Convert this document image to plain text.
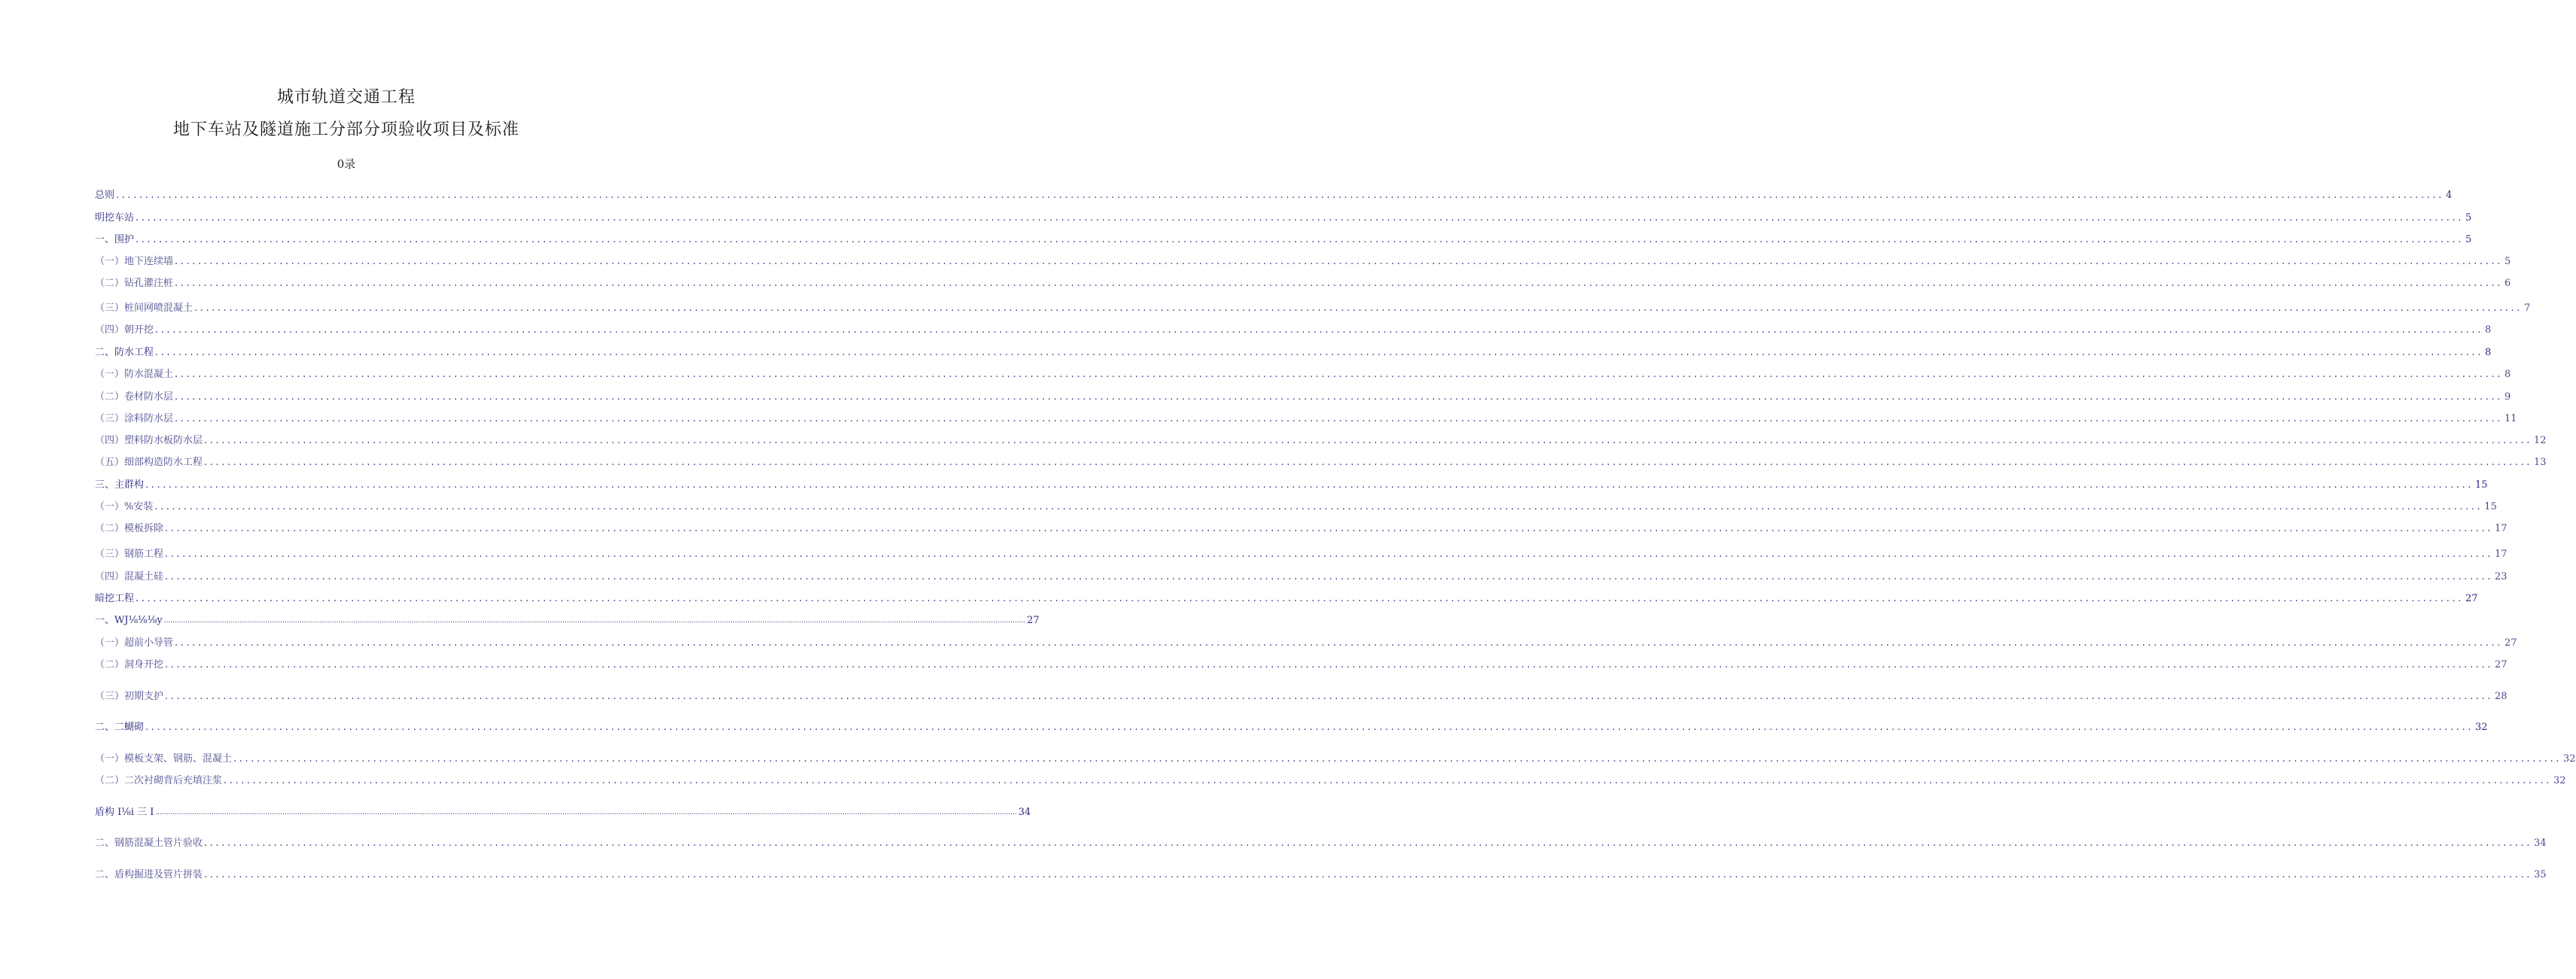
城市轨道交通工程
地下车站及隧道施工分部分项验收项目及标准
0录
总则 ................................................................................................................................................................................................................................................................................................................................................................................................................ 4
明挖车站 ................................................................................................................................................................................................................................................................................................................................................................................................................ 5
一、围护 ................................................................................................................................................................................................................................................................................................................................................................................................................ 5
（一）地下连续墙 ................................................................................................................................................................................................................................................................................................................................................................................................................ 5
（二）钻孔灌注桩 ................................................................................................................................................................................................................................................................................................................................................................................................................ 6
（三）桩间网喷混凝土 ................................................................................................................................................................................................................................................................................................................................................................................................................ 7
（四）朝开挖 ................................................................................................................................................................................................................................................................................................................................................................................................................ 8
二、防水工程 ................................................................................................................................................................................................................................................................................................................................................................................................................ 8
（一）防水混凝土 ................................................................................................................................................................................................................................................................................................................................................................................................................ 8
（二）卷材防水层 ................................................................................................................................................................................................................................................................................................................................................................................................................ 9
（三）涂料防水层 ................................................................................................................................................................................................................................................................................................................................................................................................................ 11
（四）塑料防水板防水层 ................................................................................................................................................................................................................................................................................................................................................................................................................ 12
（五）细部构造防水工程 ................................................................................................................................................................................................................................................................................................................................................................................................................ 13
三、主群构 ................................................................................................................................................................................................................................................................................................................................................................................................................ 15
（一）%安装 ................................................................................................................................................................................................................................................................................................................................................................................................................ 15
（二）模板拆除 ................................................................................................................................................................................................................................................................................................................................................................................................................ 17
（三）钢筋工程 ................................................................................................................................................................................................................................................................................................................................................................................................................ 17
（四）混凝土硅 ................................................................................................................................................................................................................................................................................................................................................................................................................ 23
暗挖工程 ................................................................................................................................................................................................................................................................................................................................................................................................................ 27
一、WJ⅛⅛⅛y ................................................................................................................................................................................................................................................................................................................................................................................................................ 27
（一）超前小导管 ................................................................................................................................................................................................................................................................................................................................................................................................................ 27
（二）洞身开挖 ................................................................................................................................................................................................................................................................................................................................................................................................................ 27
（三）初期支护 ................................................................................................................................................................................................................................................................................................................................................................................................................ 28
二、二蝴砌 ................................................................................................................................................................................................................................................................................................................................................................................................................ 32
（一）模板支架、钢筋、混凝土 ................................................................................................................................................................................................................................................................................................................................................................................................................ 32
（二）二次衬砌背后充填注浆 ................................................................................................................................................................................................................................................................................................................................................................................................................ 32
盾构 I⅛i 三 I ................................................................................................................................................................................................................................................................................................................................................................................................................ 34
二、钢筋混凝土管片验收 ................................................................................................................................................................................................................................................................................................................................................................................................................ 34
二、盾构掘进及管片拼装 ................................................................................................................................................................................................................................................................................................................................................................................................................ 35
